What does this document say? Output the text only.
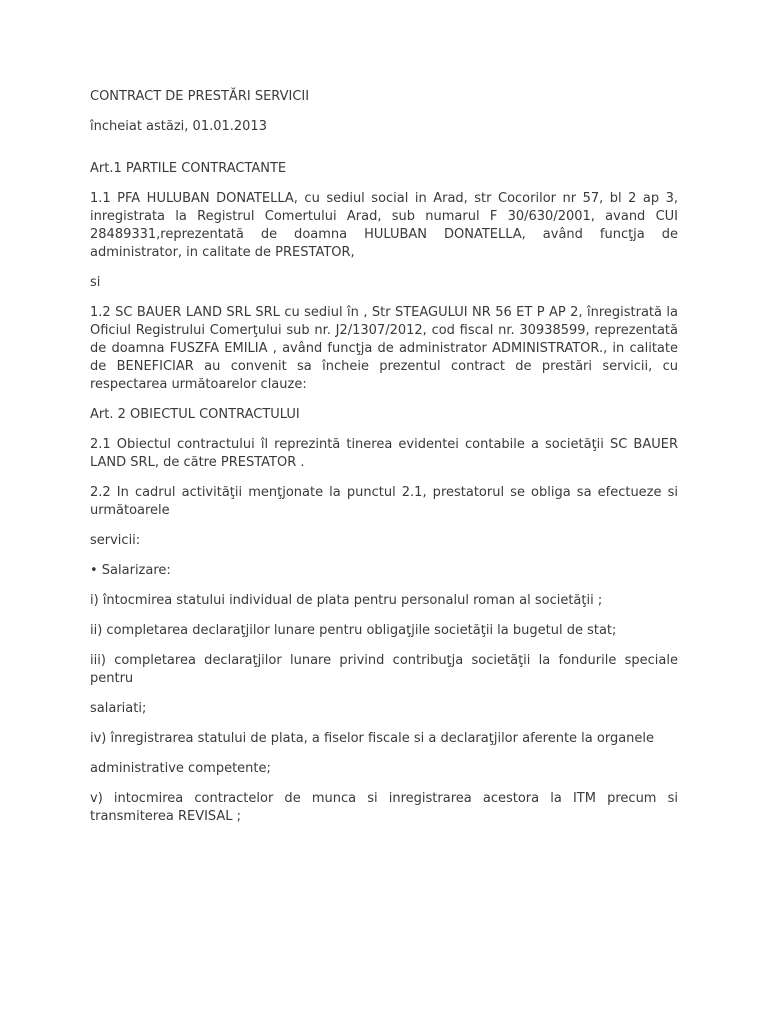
CONTRACT DE PRESTĂRI SERVICII

încheiat astăzi, 01.01.2013

Art.1 PARTILE CONTRACTANTE

1.1 PFA HULUBAN DONATELLA, cu sediul social in Arad, str Cocorilor nr 57, bl 2 ap 3, inregistrata la Registrul Comertului Arad, sub numarul F 30/630/2001, avand CUI 28489331,reprezentată de doamna HULUBAN DONATELLA, având funcţja de administrator, in calitate de PRESTATOR,

si

1.2 SC BAUER LAND SRL SRL cu sediul în , Str STEAGULUI NR 56 ET P AP 2, înregistrată la Oficiul Registrului Comerţului sub nr. J2/1307/2012, cod fiscal nr. 30938599, reprezentată de doamna FUSZFA EMILIA , având funcţja de administrator ADMINISTRATOR., in calitate de BENEFICIAR au convenit sa încheie prezentul contract de prestări servicii, cu respectarea următoarelor clauze:

Art. 2 OBIECTUL CONTRACTULUI

2.1 Obiectul contractului îl reprezintă tinerea evidentei contabile a societăţii SC BAUER LAND SRL, de către PRESTATOR .

2.2 In cadrul activităţii menţjonate la punctul 2.1, prestatorul se obliga sa efectueze si următoarele

servicii:

• Salarizare:

i) întocmirea statului individual de plata pentru personalul roman al societăţii ;

ii) completarea declaraţjilor lunare pentru obligaţjile societăţii la bugetul de stat;

iii) completarea declaraţjilor lunare privind contribuţja societăţii la fondurile speciale pentru

salariati;

iv) înregistrarea statului de plata, a fiselor fiscale si a declaraţjilor aferente la organele

administrative competente;

v) intocmirea contractelor de munca si inregistrarea acestora la ITM precum si transmiterea REVISAL ;
